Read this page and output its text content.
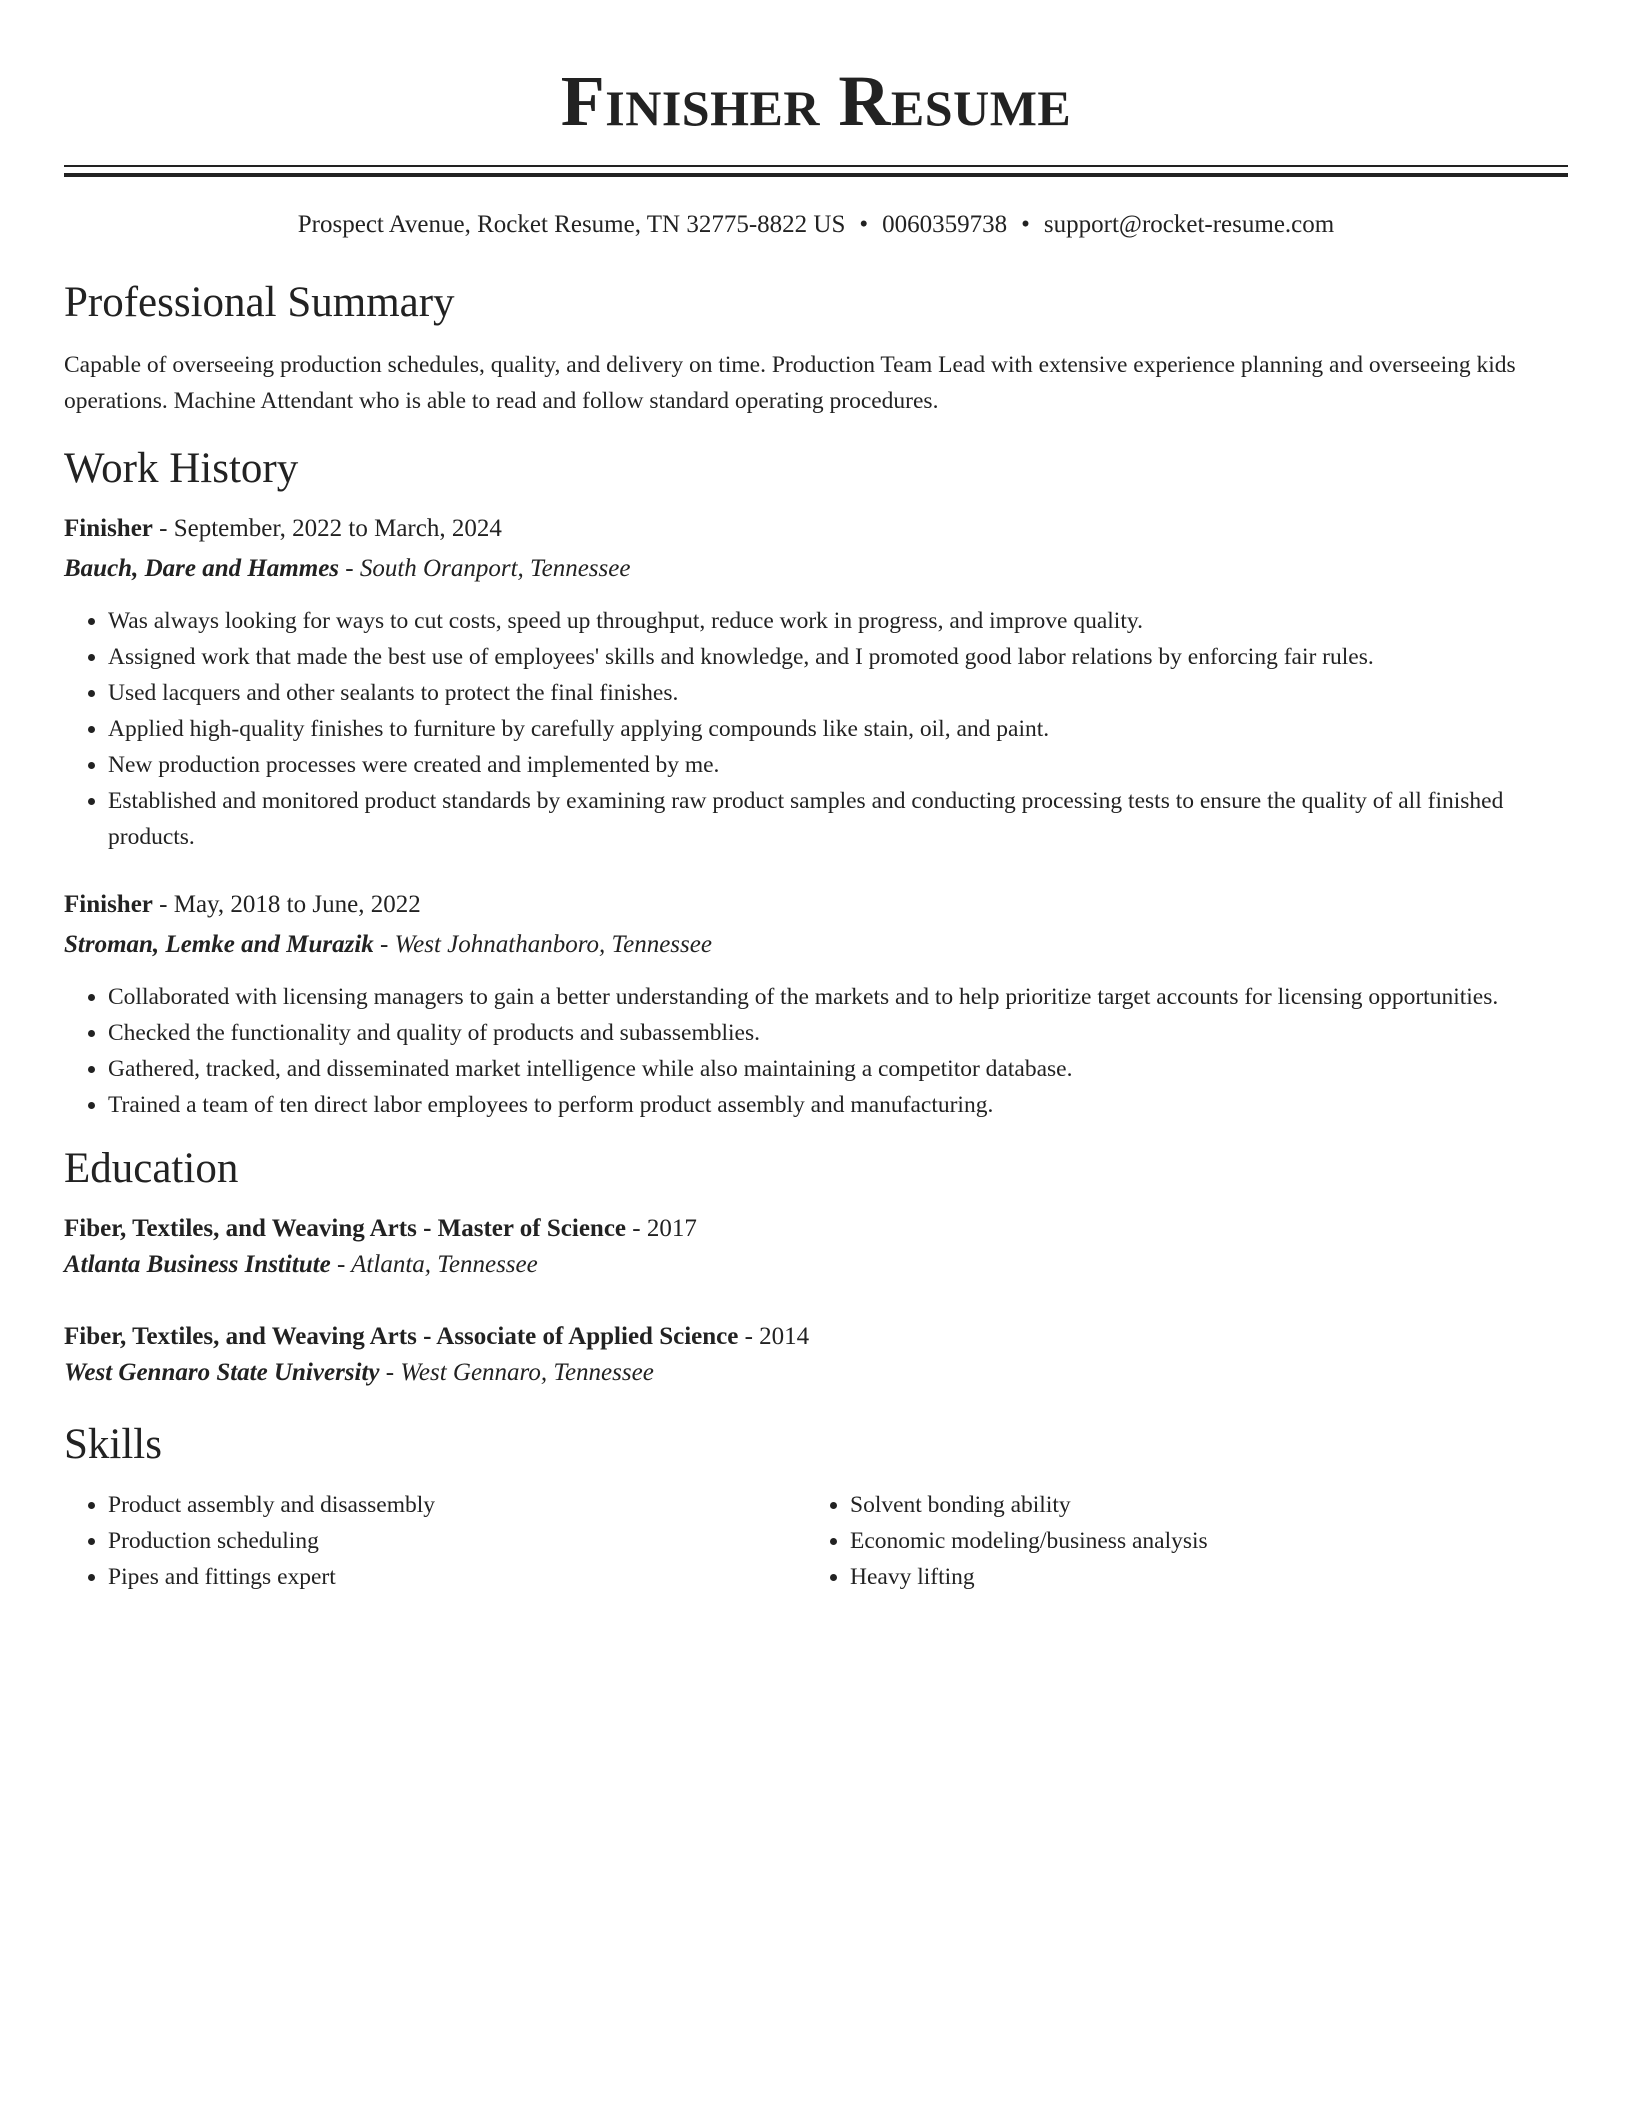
Finisher Resume
Prospect Avenue, Rocket Resume, TN 32775-8822 US • 0060359738 • support@rocket-resume.com
Professional Summary

Capable of overseeing production schedules, quality, and delivery on time. Production Team Lead with extensive experience planning and overseeing kids operations. Machine Attendant who is able to read and follow standard operating procedures.

Work History

Finisher - September, 2022 to March, 2024

Bauch, Dare and Hammes - South Oranport, Tennessee

• Was always looking for ways to cut costs, speed up throughput, reduce work in progress, and improve quality.
• Assigned work that made the best use of employees' skills and knowledge, and I promoted good labor relations by enforcing fair rules.
• Used lacquers and other sealants to protect the final finishes.
• Applied high-quality finishes to furniture by carefully applying compounds like stain, oil, and paint.
• New production processes were created and implemented by me.
• Established and monitored product standards by examining raw product samples and conducting processing tests to ensure the quality of all finished products.

Finisher - May, 2018 to June, 2022

Stroman, Lemke and Murazik - West Johnathanboro, Tennessee

• Collaborated with licensing managers to gain a better understanding of the markets and to help prioritize target accounts for licensing opportunities.
• Checked the functionality and quality of products and subassemblies.
• Gathered, tracked, and disseminated market intelligence while also maintaining a competitor database.
• Trained a team of ten direct labor employees to perform product assembly and manufacturing.
Education

Fiber, Textiles, and Weaving Arts - Master of Science - 2017

Atlanta Business Institute - Atlanta, Tennessee

Fiber, Textiles, and Weaving Arts - Associate of Applied Science - 2014

West Gennaro State University - West Gennaro, Tennessee

Skills
• Product assembly and disassembly
• Production scheduling
• Pipes and fittings expert
• Solvent bonding ability
• Economic modeling/business analysis
• Heavy lifting
